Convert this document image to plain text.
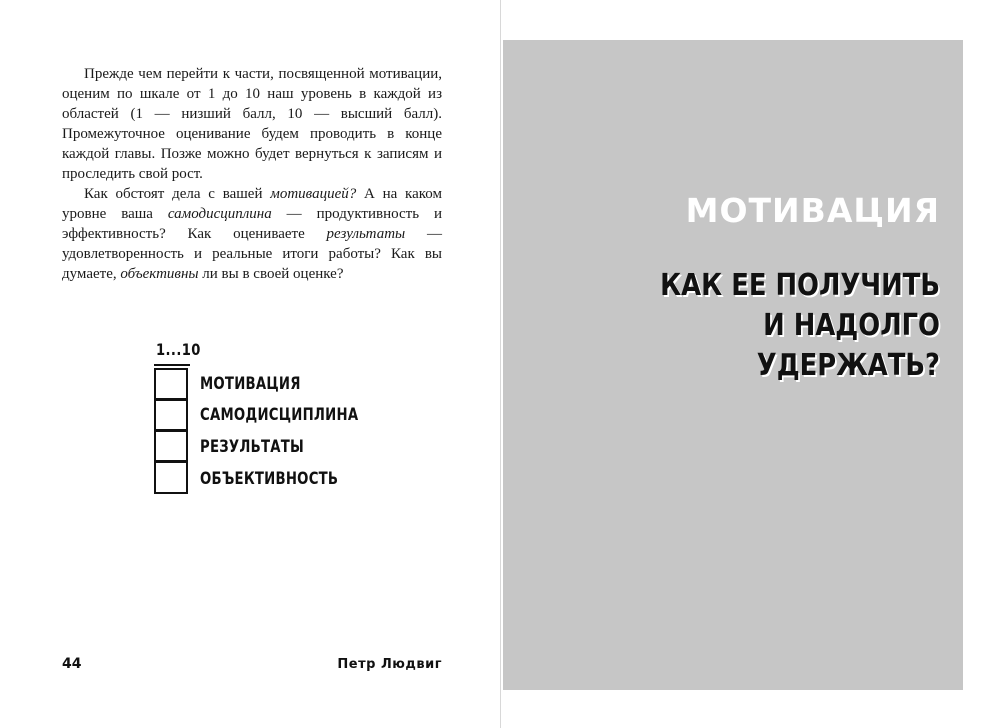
Прежде чем перейти к части, посвященной мотивации, оценим по шкале от 1 до 10 наш уровень в каждой из областей (1 — низший балл, 10 — высший балл). Промежуточное оценивание будем проводить в конце каждой главы. Позже можно будет вернуться к записям и проследить свой рост.

Как обстоят дела с вашей мотивацией? А на каком уровне ваша самодисциплина — продуктивность и эффективность? Как оцениваете результаты — удовлетворенность и реальные итоги работы? Как вы думаете, объективны ли вы в своей оценке?

1...10
МОТИВАЦИЯ
САМОДИСЦИПЛИНА
РЕЗУЛЬТАТЫ
ОБЪЕКТИВНОСТЬ
44	Петр Людвиг
МОТИВАЦИЯ
КАК ЕЕ ПОЛУЧИТЬ
И НАДОЛГО
УДЕРЖАТЬ?
